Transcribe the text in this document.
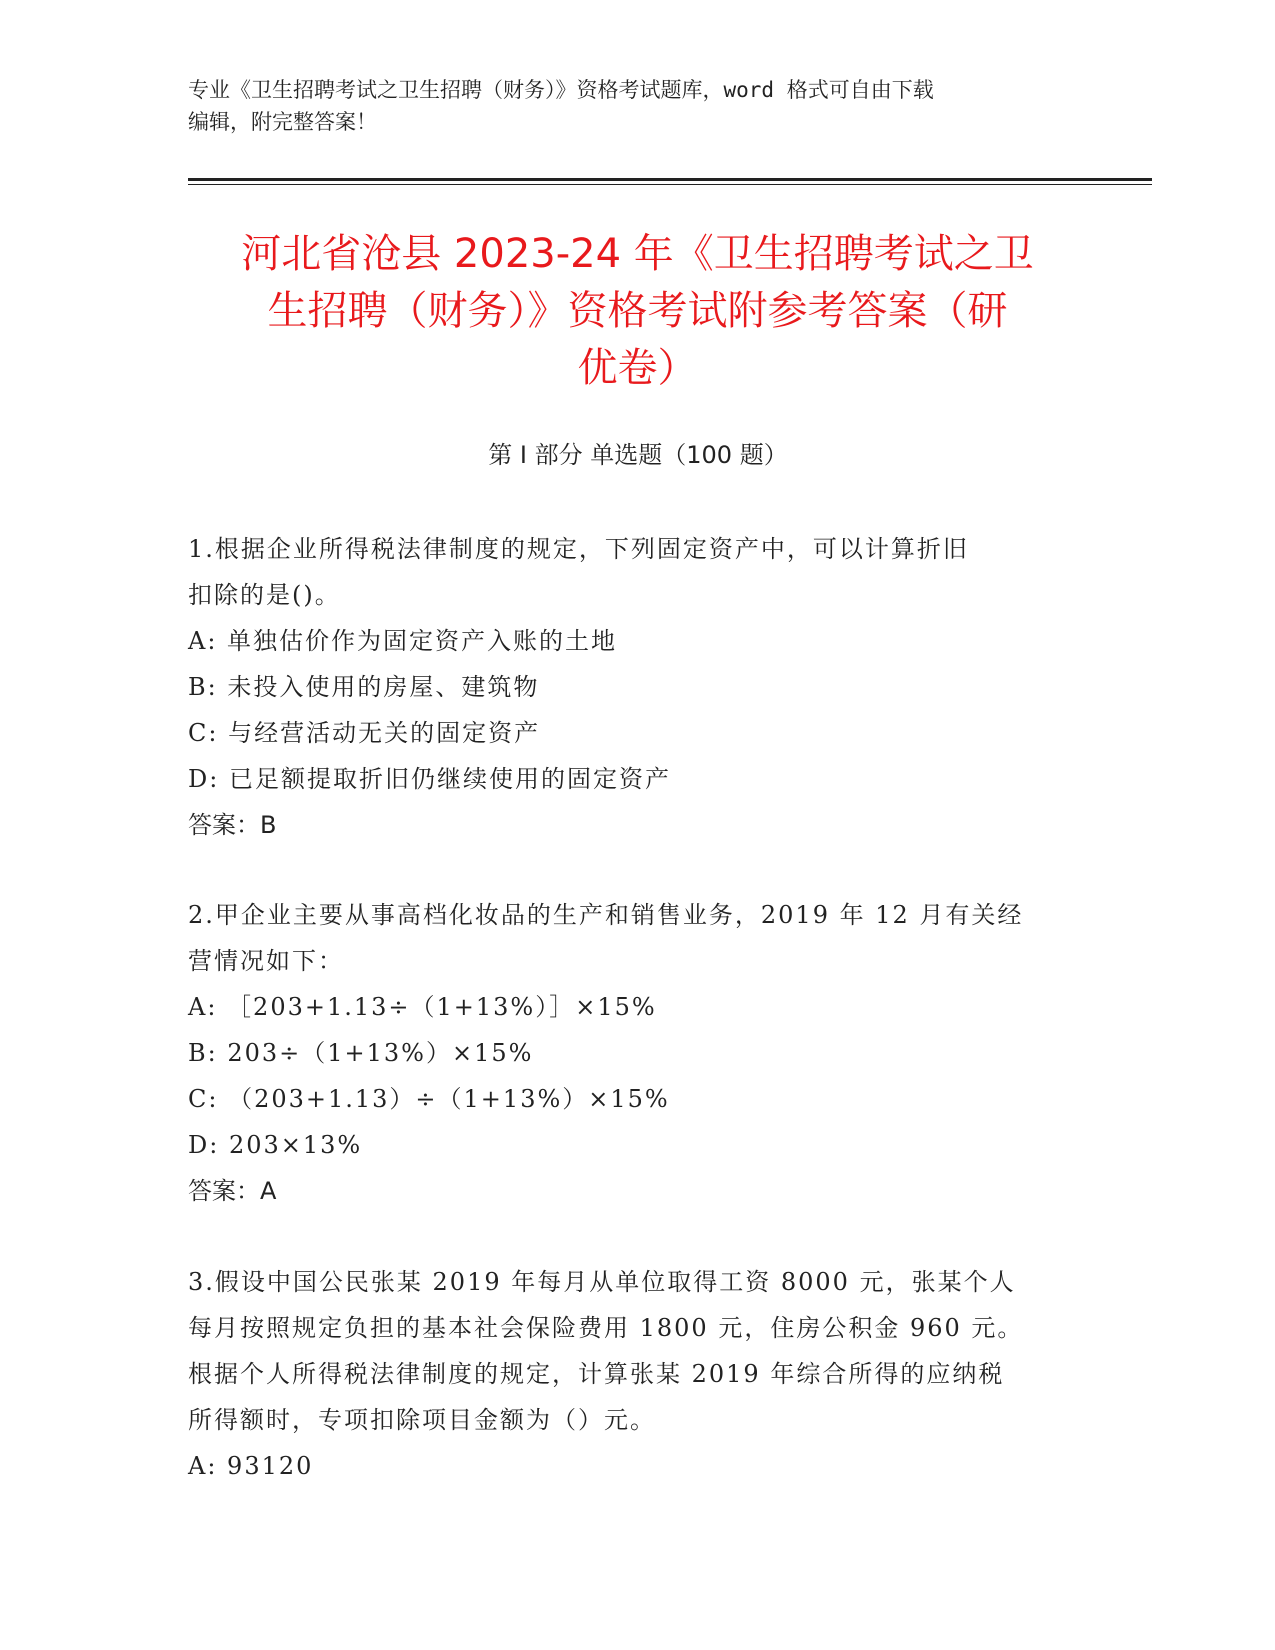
专业《卫生招聘考试之卫生招聘（财务）》资格考试题库，word 格式可自由下载
编辑，附完整答案！
河北省沧县 2023-24 年《卫生招聘考试之卫
生招聘（财务）》资格考试附参考答案（研
优卷）
第 I 部分 单选题（100 题）

1.根据企业所得税法律制度的规定，下列固定资产中，可以计算折旧

扣除的是()。

A: 单独估价作为固定资产入账的土地

B: 未投入使用的房屋、建筑物

C: 与经营活动无关的固定资产

D: 已足额提取折旧仍继续使用的固定资产

答案：B

2.甲企业主要从事高档化妆品的生产和销售业务，2019 年 12 月有关经

营情况如下：

A: ［203+1.13÷（1+13%）］×15%

B: 203÷（1+13%）×15%

C: （203+1.13）÷（1+13%）×15%

D: 203×13%

答案：A

3.假设中国公民张某 2019 年每月从单位取得工资 8000 元，张某个人

每月按照规定负担的基本社会保险费用 1800 元，住房公积金 960 元。

根据个人所得税法律制度的规定，计算张某 2019 年综合所得的应纳税

所得额时，专项扣除项目金额为（）元。

A: 93120
